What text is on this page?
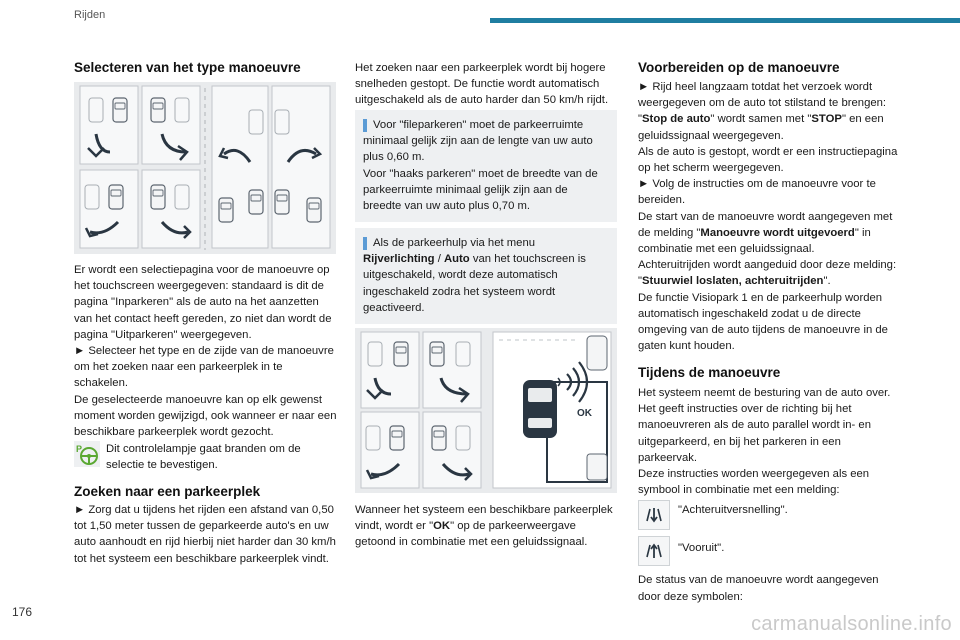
Rijden
176
carmanualsonline.info
Selecteren van het type manoeuvre

Er wordt een selectiepagina voor de manoeuvre op het touchscreen weergegeven: standaard is dit de pagina "Inparkeren" als de auto na het aanzetten van het contact heeft gereden, zo niet dan wordt de pagina "Uitparkeren" weergegeven.

► Selecteer het type en de zijde van de manoeuvre om het zoeken naar een parkeerplek in te schakelen.

De geselecteerde manoeuvre kan op elk gewenst moment worden gewijzigd, ook wanneer er naar een beschikbare parkeerplek wordt gezocht.

P Dit controlelampje gaat branden om de selectie te bevestigen.

Zoeken naar een parkeerplek

► Zorg dat u tijdens het rijden een afstand van 0,50 tot 1,50 meter tussen de geparkeerde auto's en uw auto aanhoudt en rijd hierbij niet harder dan 30 km/h tot het systeem een beschikbare parkeerplek vindt.

Het zoeken naar een parkeerplek wordt bij hogere snelheden gestopt. De functie wordt automatisch uitgeschakeld als de auto harder dan 50 km/h rijdt.

Voor "fileparkeren" moet de parkeerruimte minimaal gelijk zijn aan de lengte van uw auto plus 0,60 m.
Voor "haaks parkeren" moet de breedte van de parkeerruimte minimaal gelijk zijn aan de breedte van uw auto plus 0,70 m.
Als de parkeerhulp via het menu Rijverlichting / Auto van het touchscreen is uitgeschakeld, wordt deze automatisch ingeschakeld zodra het systeem wordt geactiveerd.
OK

Wanneer het systeem een beschikbare parkeerplek vindt, wordt er "OK" op de parkeerweergave getoond in combinatie met een geluidssignaal.

Voorbereiden op de manoeuvre

► Rijd heel langzaam totdat het verzoek wordt weergegeven om de auto tot stilstand te brengen: "Stop de auto" wordt samen met "STOP" en een geluidssignaal weergegeven.

Als de auto is gestopt, wordt er een instructiepagina op het scherm weergegeven.

► Volg de instructies om de manoeuvre voor te bereiden.

De start van de manoeuvre wordt aangegeven met de melding "Manoeuvre wordt uitgevoerd" in combinatie met een geluidssignaal.

Achteruitrijden wordt aangeduid door deze melding: "Stuurwiel loslaten, achteruitrijden".

De functie Visiopark 1 en de parkeerhulp worden automatisch ingeschakeld zodat u de directe omgeving van de auto tijdens de manoeuvre in de gaten kunt houden.

Tijdens de manoeuvre

Het systeem neemt de besturing van de auto over. Het geeft instructies over de richting bij het manoeuvreren als de auto parallel wordt in- en uitgeparkeerd, en bij het parkeren in een parkeervak.

Deze instructies worden weergegeven als een symbool in combinatie met een melding:

"Achteruitversnelling".

"Vooruit".

De status van de manoeuvre wordt aangegeven door deze symbolen:
